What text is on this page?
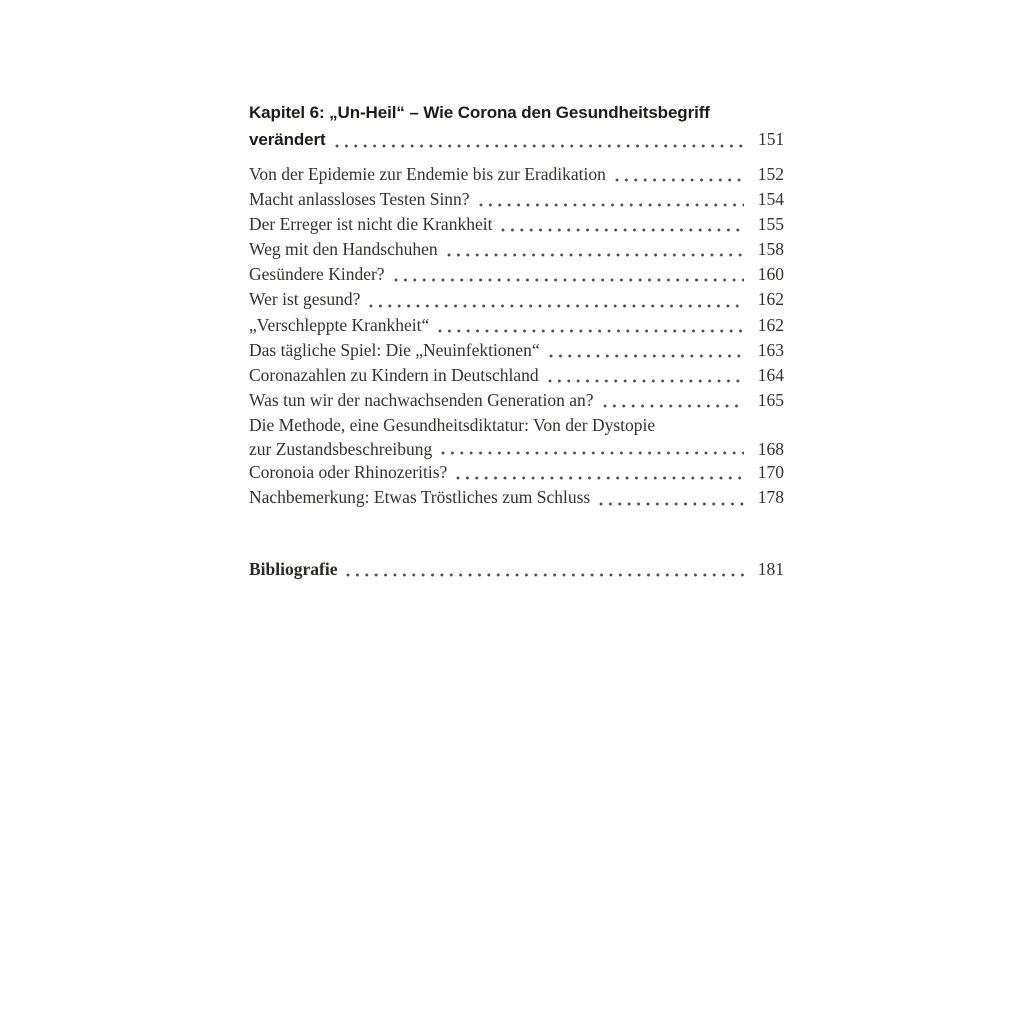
Kapitel 6: „Un-Heil“ – Wie Corona den Gesundheitsbegriff
verändert	151
Von der Epidemie zur Endemie bis zur Eradikation	152
Macht anlassloses Testen Sinn?	154
Der Erreger ist nicht die Krankheit	155
Weg mit den Handschuhen	158
Gesündere Kinder?	160
Wer ist gesund?	162
„Verschleppte Krankheit“	162
Das tägliche Spiel: Die „Neuinfektionen“	163
Coronazahlen zu Kindern in Deutschland	164
Was tun wir der nachwachsenden Generation an?	165
Die Methode, eine Gesundheitsdiktatur: Von der Dystopie
zur Zustandsbeschreibung	168
Coronoia oder Rhinozeritis?	170
Nachbemerkung: Etwas Tröstliches zum Schluss	178
Bibliografie	181
